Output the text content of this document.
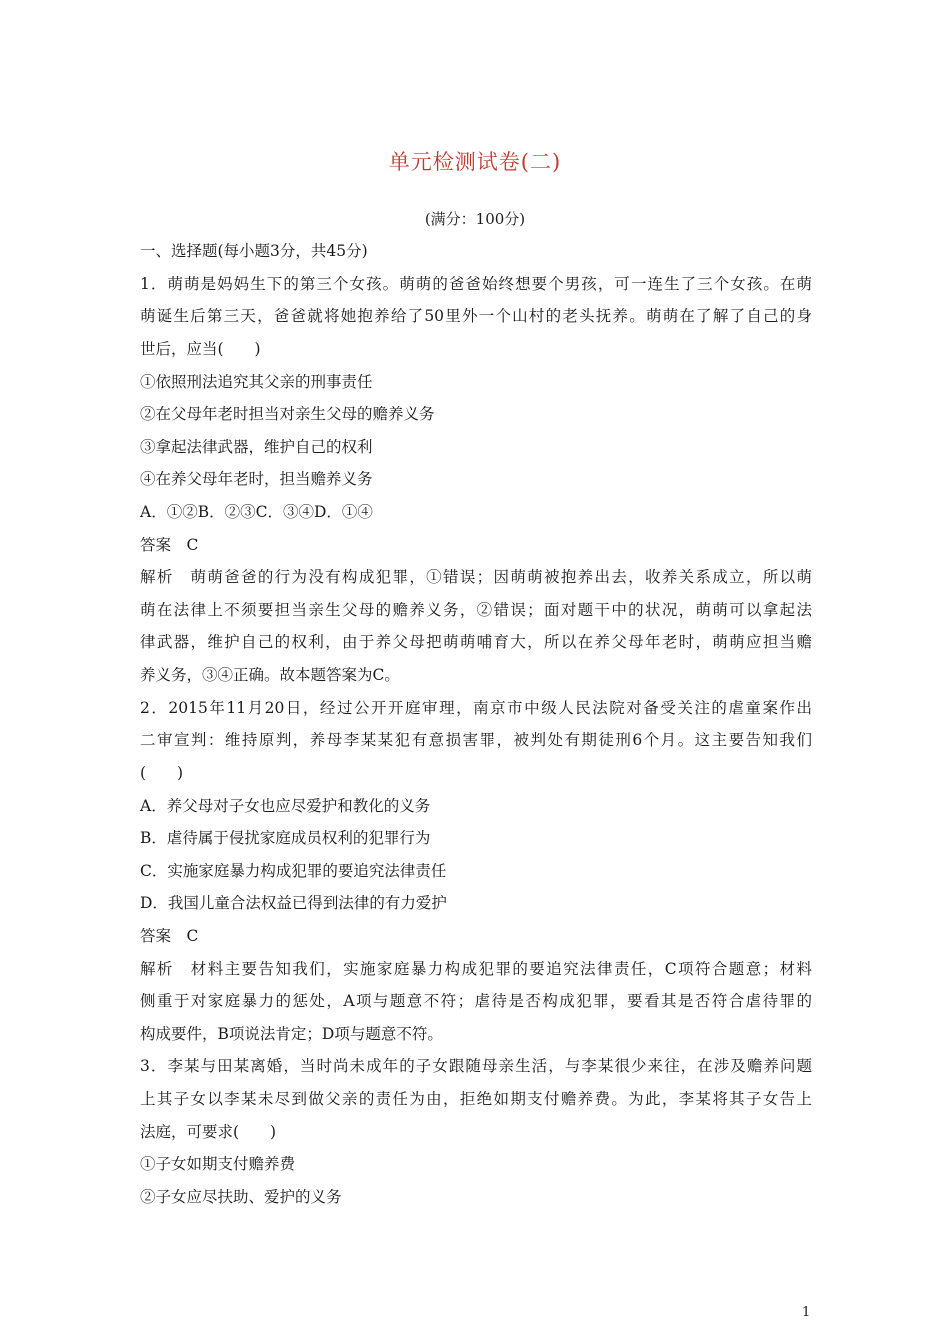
单元检测试卷(二)
(满分：100分)
一、选择题(每小题3分，共45分)
1．萌萌是妈妈生下的第三个女孩。萌萌的爸爸始终想要个男孩，可一连生了三个女孩。在萌
萌诞生后第三天，爸爸就将她抱养给了50里外一个山村的老头抚养。萌萌在了解了自己的身
世后，应当(　　)
①依照刑法追究其父亲的刑事责任
②在父母年老时担当对亲生父母的赡养义务
③拿起法律武器，维护自己的权利
④在养父母年老时，担当赡养义务
A．①②B．②③C．③④D．①④
答案　C
解析　萌萌爸爸的行为没有构成犯罪，①错误；因萌萌被抱养出去，收养关系成立，所以萌
萌在法律上不须要担当亲生父母的赡养义务，②错误；面对题干中的状况，萌萌可以拿起法
律武器，维护自己的权利，由于养父母把萌萌哺育大，所以在养父母年老时，萌萌应担当赡
养义务，③④正确。故本题答案为C。
2．2015年11月20日，经过公开开庭审理，南京市中级人民法院对备受关注的虐童案作出
二审宣判：维持原判，养母李某某犯有意损害罪，被判处有期徒刑6个月。这主要告知我们
(　　)
A．养父母对子女也应尽爱护和教化的义务
B．虐待属于侵扰家庭成员权利的犯罪行为
C．实施家庭暴力构成犯罪的要追究法律责任
D．我国儿童合法权益已得到法律的有力爱护
答案　C
解析　材料主要告知我们，实施家庭暴力构成犯罪的要追究法律责任，C项符合题意；材料
侧重于对家庭暴力的惩处，A项与题意不符；虐待是否构成犯罪，要看其是否符合虐待罪的
构成要件，B项说法肯定；D项与题意不符。
3．李某与田某离婚，当时尚未成年的子女跟随母亲生活，与李某很少来往，在涉及赡养问题
上其子女以李某未尽到做父亲的责任为由，拒绝如期支付赡养费。为此，李某将其子女告上
法庭，可要求(　　)
①子女如期支付赡养费
②子女应尽扶助、爱护的义务
1
